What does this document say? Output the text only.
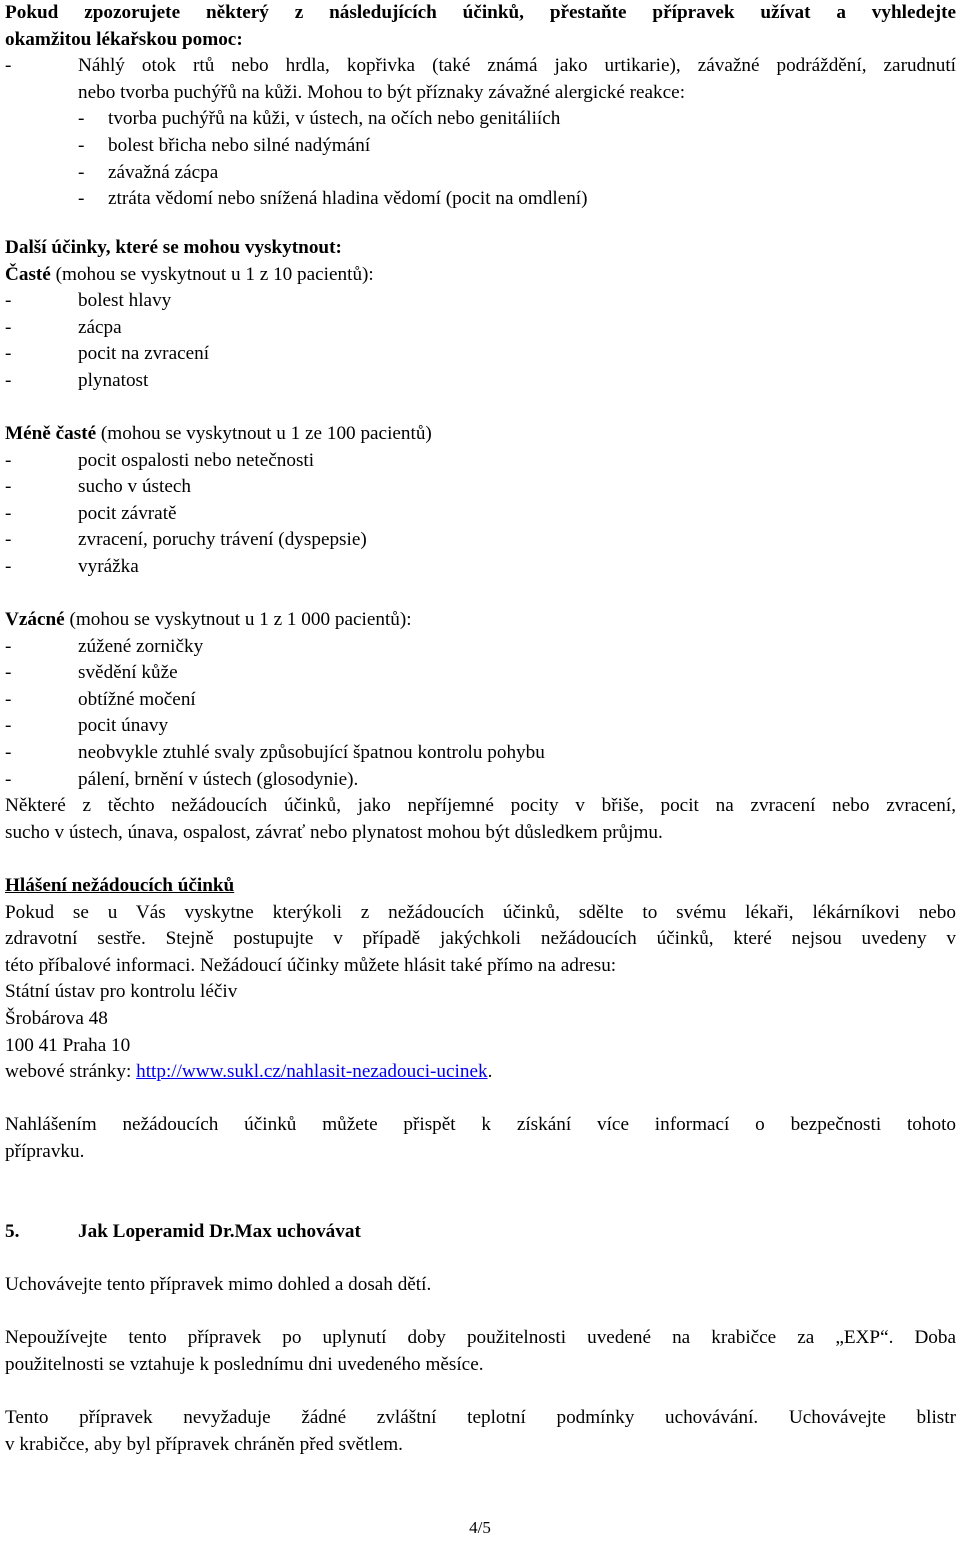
Pokud zpozorujete některý z následujících účinků, přestaňte přípravek užívat a vyhledejte
okamžitou lékařskou pomoc:
-	Náhlý otok rtů nebo hrdla, kopřivka (také známá jako urtikarie), závažné podráždění, zarudnutí
nebo tvorba puchýřů na kůži. Mohou to být příznaky závažné alergické reakce:
- tvorba puchýřů na kůži, v ústech, na očích nebo genitáliích
- bolest břicha nebo silné nadýmání
- závažná zácpa
- ztráta vědomí nebo snížená hladina vědomí (pocit na omdlení)
Další účinky, které se mohou vyskytnout:
Časté (mohou se vyskytnout u 1 z 10 pacientů):
-	bolest hlavy
-	zácpa
-	pocit na zvracení
-	plynatost
Méně časté (mohou se vyskytnout u 1 ze 100 pacientů)
-	pocit ospalosti nebo netečnosti
-	sucho v ústech
-	pocit závratě
-	zvracení, poruchy trávení (dyspepsie)
-	vyrážka
Vzácné (mohou se vyskytnout u 1 z 1 000 pacientů):
-	zúžené zorničky
-	svědění kůže
-	obtížné močení
-	pocit únavy
-	neobvykle ztuhlé svaly způsobující špatnou kontrolu pohybu
-	pálení, brnění v ústech (glosodynie).
Některé z těchto nežádoucích účinků, jako nepříjemné pocity v břiše, pocit na zvracení nebo zvracení,
sucho v ústech, únava, ospalost, závrať nebo plynatost mohou být důsledkem průjmu.
Hlášení nežádoucích účinků
Pokud se u Vás vyskytne kterýkoli z nežádoucích účinků, sdělte to svému lékaři, lékárníkovi nebo
zdravotní sestře. Stejně postupujte v případě jakýchkoli nežádoucích účinků, které nejsou uvedeny v
této příbalové informaci. Nežádoucí účinky můžete hlásit také přímo na adresu:
Státní ústav pro kontrolu léčiv
Šrobárova 48
100 41 Praha 10
webové stránky: http://www.sukl.cz/nahlasit-nezadouci-ucinek.
Nahlášením nežádoucích účinků můžete přispět k získání více informací o bezpečnosti tohoto
přípravku.
5.	Jak Loperamid Dr.Max uchovávat
Uchovávejte tento přípravek mimo dohled a dosah dětí.
Nepoužívejte tento přípravek po uplynutí doby použitelnosti uvedené na krabičce za „EXP“. Doba
použitelnosti se vztahuje k poslednímu dni uvedeného měsíce.
Tento přípravek nevyžaduje žádné zvláštní teplotní podmínky uchovávání. Uchovávejte blistr
v krabičce, aby byl přípravek chráněn před světlem.
4/5
